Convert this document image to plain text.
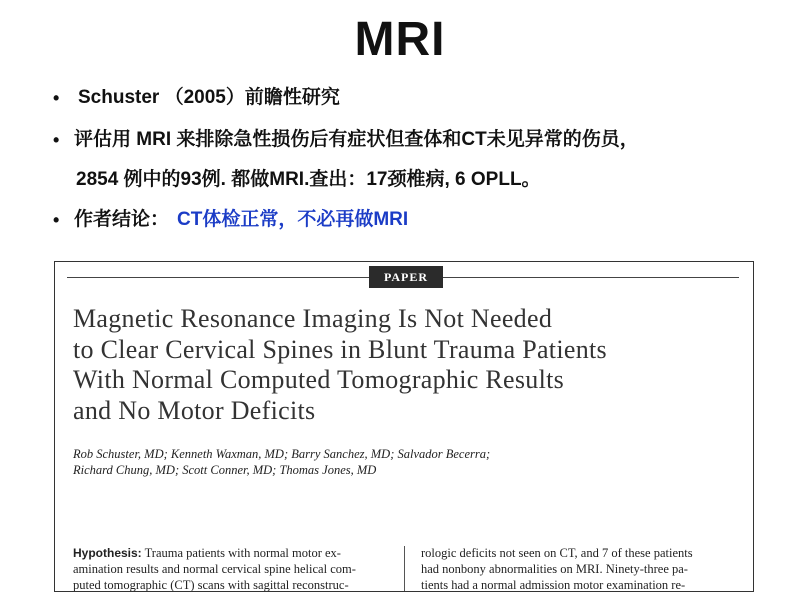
MRI
• Schuster （2005）前瞻性研究
• 评估用 MRI 来排除急性损伤后有症状但查体和CT未见异常的伤员，
2854 例中的93例. 都做MRI.查出：17颈椎病, 6 OPLL。
• 作者结论： CT体检正常，不必再做MRI
PAPER
Magnetic Resonance Imaging Is Not Needed
to Clear Cervical Spines in Blunt Trauma Patients
With Normal Computed Tomographic Results
and No Motor Deficits
Rob Schuster, MD; Kenneth Waxman, MD; Barry Sanchez, MD; Salvador Becerra;
Richard Chung, MD; Scott Conner, MD; Thomas Jones, MD
Hypothesis: Trauma patients with normal motor ex-
amination results and normal cervical spine helical com-
puted tomographic (CT) scans with sagittal reconstruc-
rologic deficits not seen on CT, and 7 of these patients
had nonbony abnormalities on MRI. Ninety-three pa-
tients had a normal admission motor examination re-
